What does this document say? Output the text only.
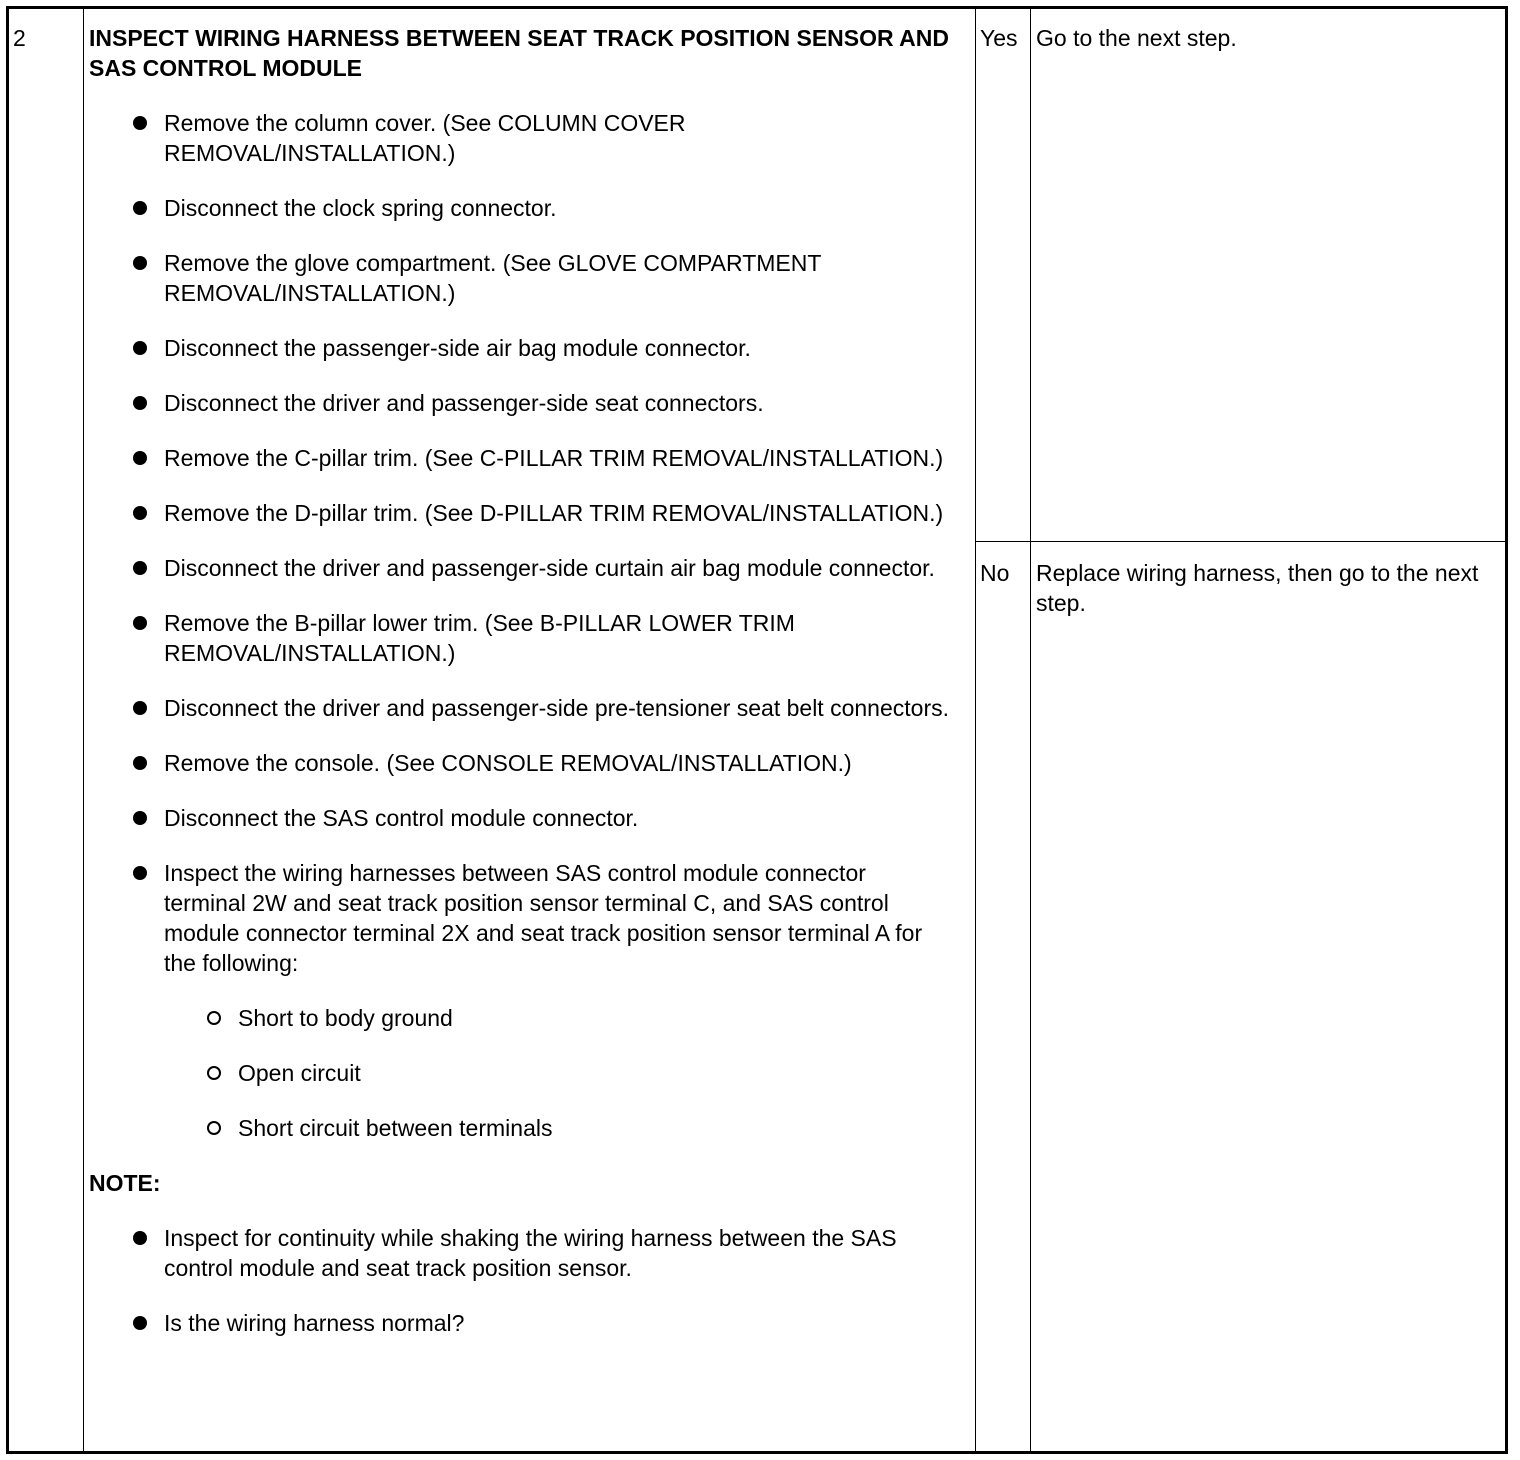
2	INSPECT WIRING HARNESS BETWEEN SEAT TRACK POSITION SENSOR AND SAS CONTROL MODULE
Remove the column cover. (See COLUMN COVER REMOVAL/INSTALLATION.)
Disconnect the clock spring connector.
Remove the glove compartment. (See GLOVE COMPARTMENT REMOVAL/INSTALLATION.)
Disconnect the passenger-side air bag module connector.
Disconnect the driver and passenger-side seat connectors.
Remove the C-pillar trim. (See C-PILLAR TRIM REMOVAL/INSTALLATION.)
Remove the D-pillar trim. (See D-PILLAR TRIM REMOVAL/INSTALLATION.)
Disconnect the driver and passenger-side curtain air bag module connector.
Remove the B-pillar lower trim. (See B-PILLAR LOWER TRIM REMOVAL/INSTALLATION.)
Disconnect the driver and passenger-side pre-tensioner seat belt connectors.
Remove the console. (See CONSOLE REMOVAL/INSTALLATION.)
Disconnect the SAS control module connector.
Inspect the wiring harnesses between SAS control module connector terminal 2W and seat track position sensor terminal C, and SAS control module connector terminal 2X and seat track position sensor terminal A for the following:
Short to body ground
Open circuit
Short circuit between terminals
NOTE:
Inspect for continuity while shaking the wiring harness between the SAS control module and seat track position sensor.
Is the wiring harness normal?
Yes Go to the next step.
No Replace wiring harness, then go to the next step.
